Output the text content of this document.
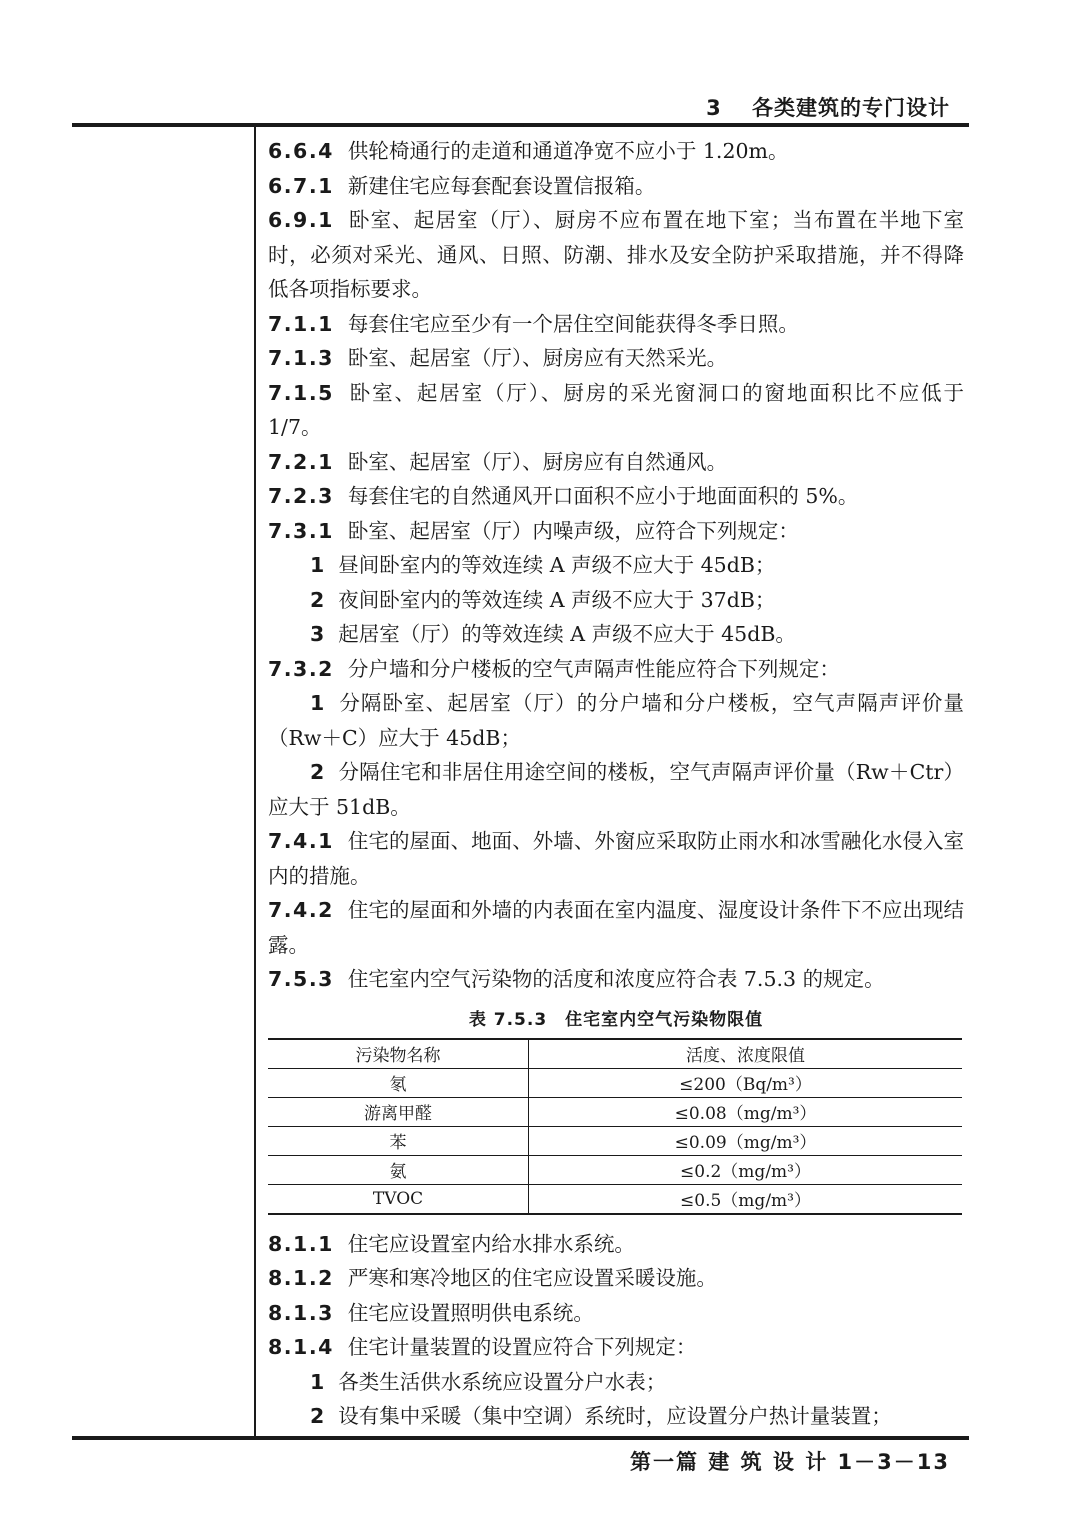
3 各类建筑的专门设计
6.6.4 供轮椅通行的走道和通道净宽不应小于 1.20m。
6.7.1 新建住宅应每套配套设置信报箱。
6.9.1 卧室、起居室（厅）、厨房不应布置在地下室；当布置在半地下室时，必须对采光、通风、日照、防潮、排水及安全防护采取措施，并不得降低各项指标要求。
7.1.1 每套住宅应至少有一个居住空间能获得冬季日照。
7.1.3 卧室、起居室（厅）、厨房应有天然采光。
7.1.5 卧室、起居室（厅）、厨房的采光窗洞口的窗地面积比不应低于1/7。
7.2.1 卧室、起居室（厅）、厨房应有自然通风。
7.2.3 每套住宅的自然通风开口面积不应小于地面面积的 5%。
7.3.1 卧室、起居室（厅）内噪声级，应符合下列规定：
1 昼间卧室内的等效连续 A 声级不应大于 45dB；
2 夜间卧室内的等效连续 A 声级不应大于 37dB；
3 起居室（厅）的等效连续 A 声级不应大于 45dB。
7.3.2 分户墙和分户楼板的空气声隔声性能应符合下列规定：
1 分隔卧室、起居室（厅）的分户墙和分户楼板，空气声隔声评价量（Rw＋C）应大于 45dB；
2 分隔住宅和非居住用途空间的楼板，空气声隔声评价量（Rw＋Ctr）应大于 51dB。
7.4.1 住宅的屋面、地面、外墙、外窗应采取防止雨水和冰雪融化水侵入室内的措施。
7.4.2 住宅的屋面和外墙的内表面在室内温度、湿度设计条件下不应出现结露。
7.5.3 住宅室内空气污染物的活度和浓度应符合表 7.5.3 的规定。
表 7.5.3 住宅室内空气污染物限值
污染物名称	活度、浓度限值
氡	≤200（Bq/m³）
游离甲醛	≤0.08（mg/m³）
苯	≤0.09（mg/m³）
氨	≤0.2（mg/m³）
TVOC	≤0.5（mg/m³）
8.1.1 住宅应设置室内给水排水系统。
8.1.2 严寒和寒冷地区的住宅应设置采暖设施。
8.1.3 住宅应设置照明供电系统。
8.1.4 住宅计量装置的设置应符合下列规定：
1 各类生活供水系统应设置分户水表；
2 设有集中采暖（集中空调）系统时，应设置分户热计量装置；
第一篇 建 筑 设 计 1－3－13
